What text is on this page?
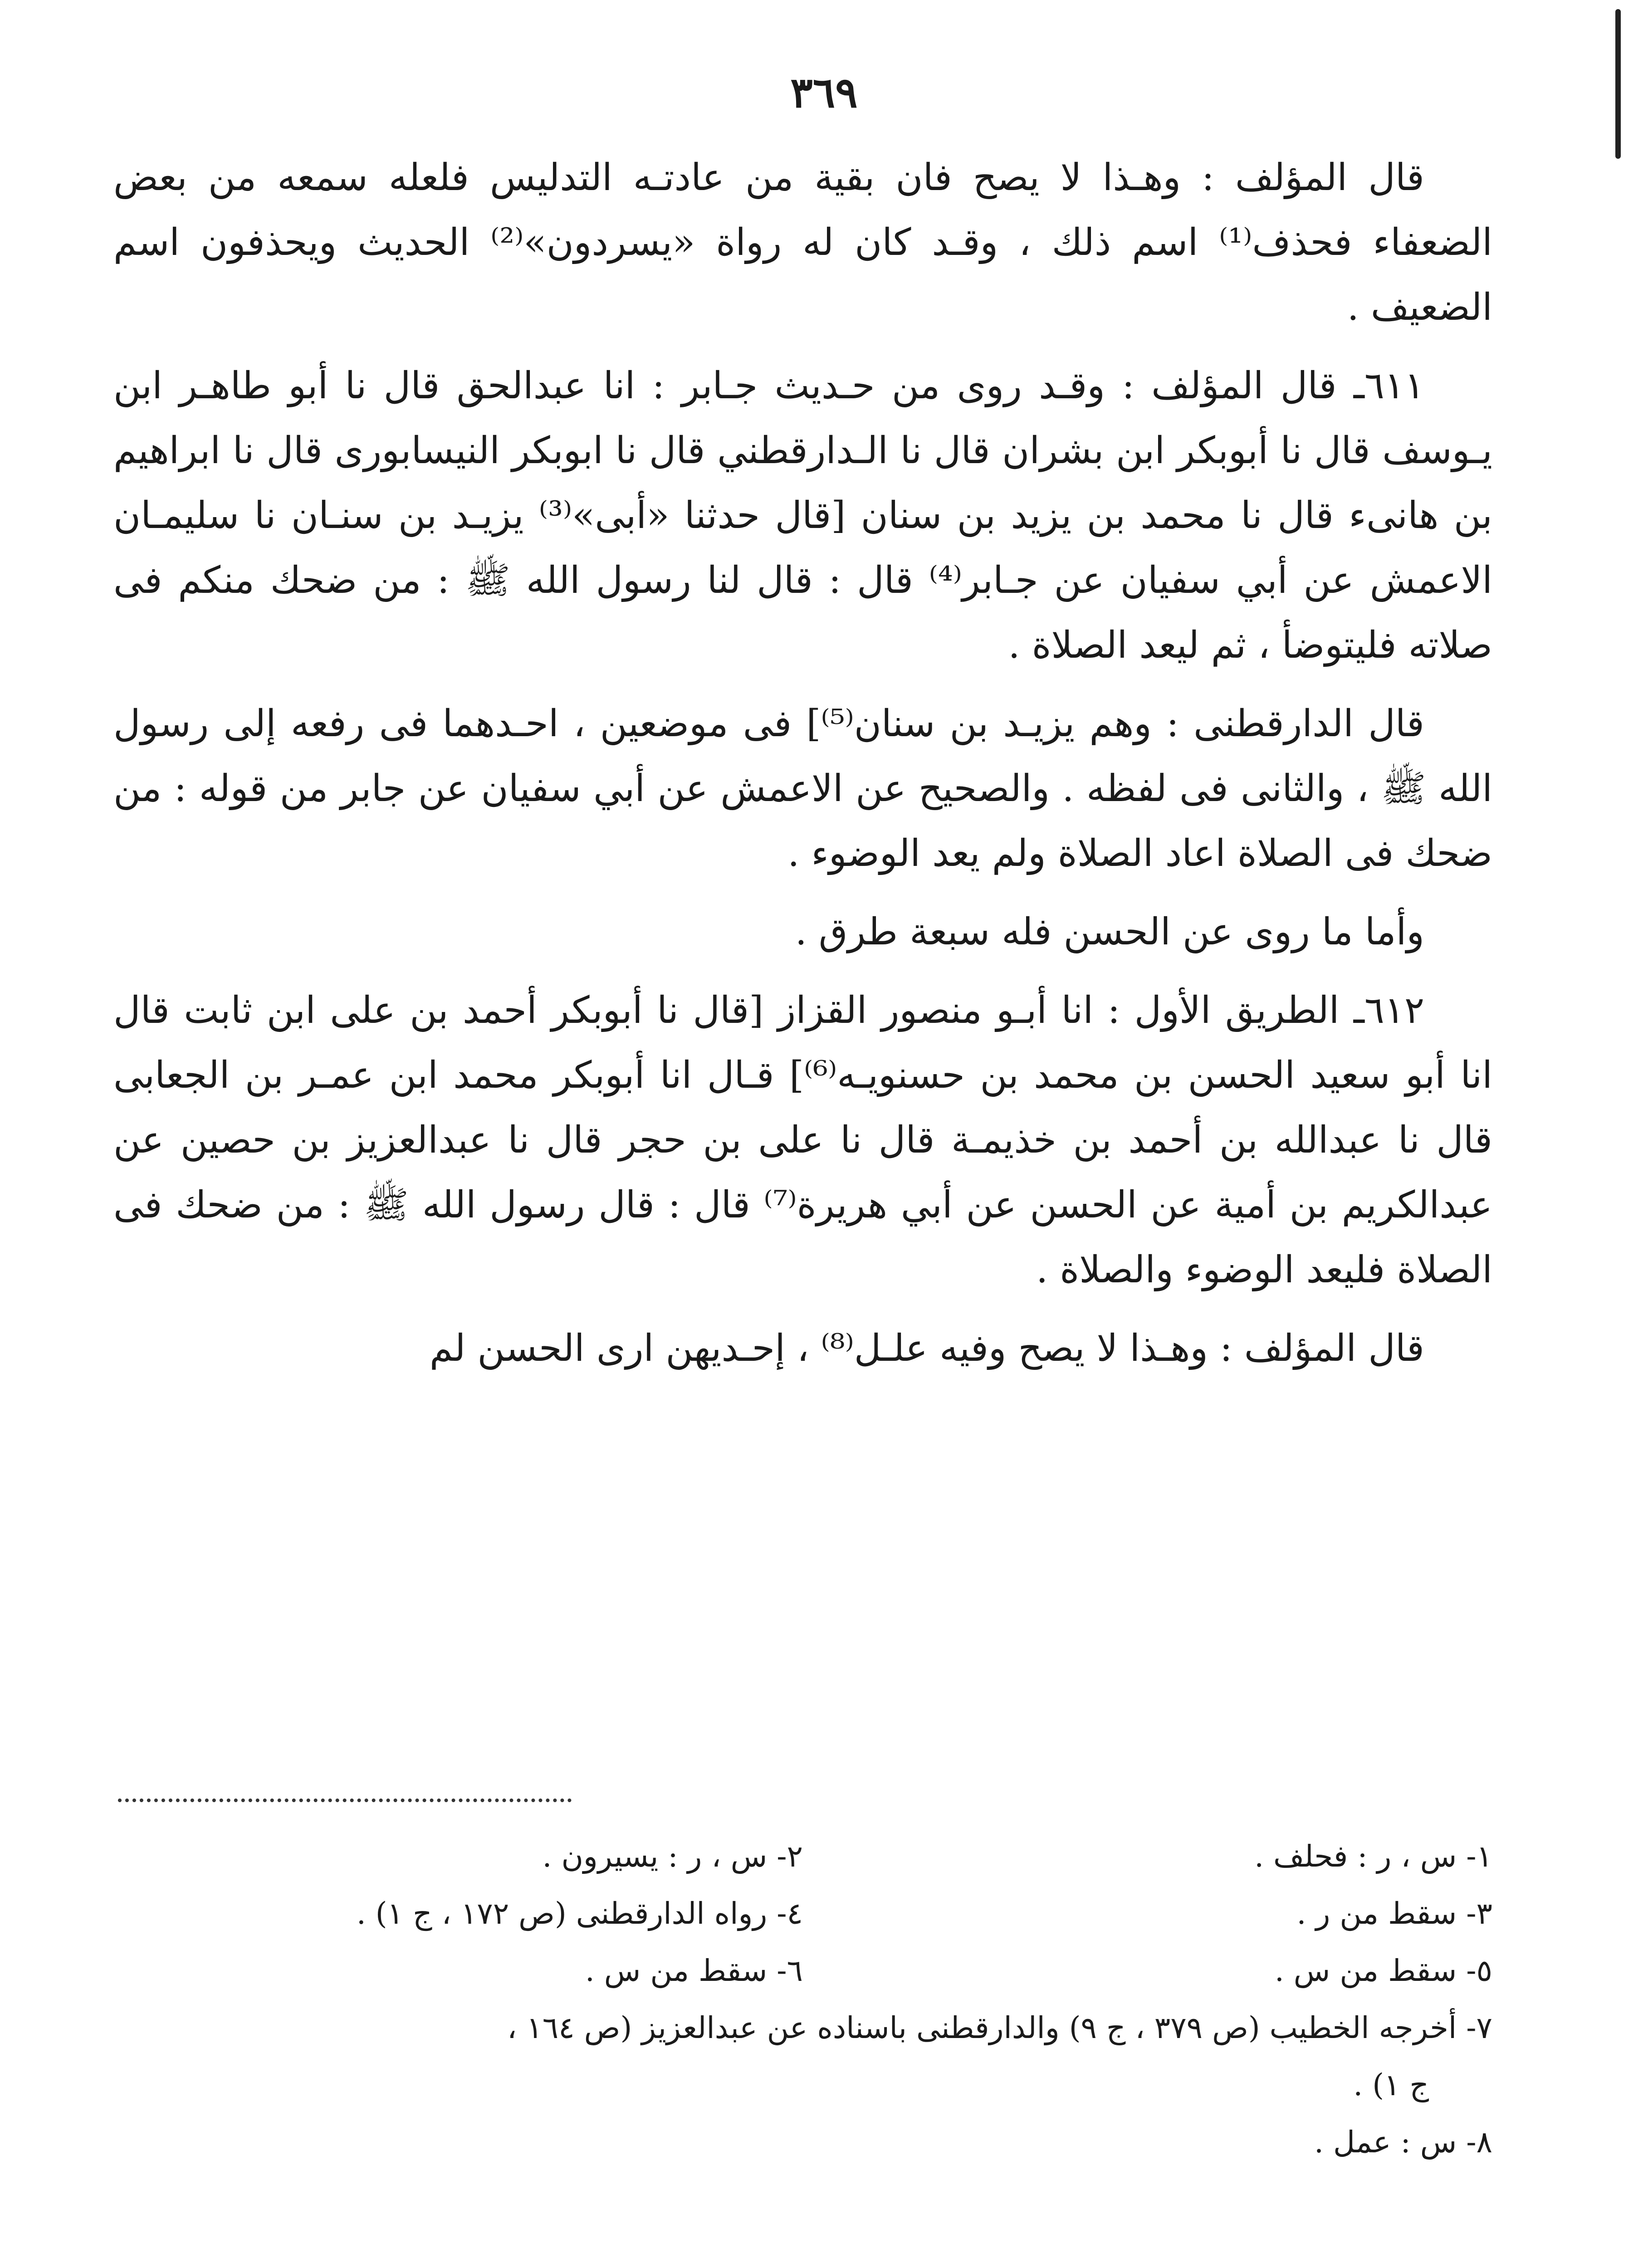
٣٦٩

قال المؤلف : وهـذا لا يصح فان بقية من عادتـه التدليس فلعله سمعه من بعض الضعفاء فحذف⁽¹⁾ اسم ذلك ، وقـد كان له رواة «يسردون»⁽²⁾ الحديث ويحذفون اسم الضعيف .

٦١١ـ قال المؤلف : وقـد روى من حـديث جـابر : انا عبدالحق قال نا أبو طاهـر ابن يـوسف قال نا أبوبكر ابن بشران قال نا الـدارقطني قال نا ابوبكر النيسابورى قال نا ابراهيم بن هانىء قال نا محمد بن يزيد بن سنان [قال حدثنا «أبى»⁽³⁾ يزيـد بن سنـان نا سليمـان الاعمش عن أبي سفيان عن جـابر⁽⁴⁾ قال : قال لنا رسول الله ﷺ : من ضحك منكم فى صلاته فليتوضأ ، ثم ليعد الصلاة .

قال الدارقطنى : وهم يزيـد بن سنان⁽⁵⁾] فى موضعين ، احـدهما فى رفعه إلى رسول الله ﷺ ، والثانى فى لفظه . والصحيح عن الاعمش عن أبي سفيان عن جابر من قوله : من ضحك فى الصلاة اعاد الصلاة ولم يعد الوضوء .

وأما ما روى عن الحسن فله سبعة طرق .

٦١٢ـ الطريق الأول : انا أبـو منصور القزاز [قال نا أبوبكر أحمد بن على ابن ثابت قال انا أبو سعيد الحسن بن محمد بن حسنويـه⁽⁶⁾] قـال انا أبوبكر محمد ابن عمـر بن الجعابى قال نا عبدالله بن أحمد بن خذيمـة قال نا على بن حجر قال نا عبدالعزيز بن حصين عن عبدالكريم بن أمية عن الحسن عن أبي هريرة⁽⁷⁾ قال : قال رسول الله ﷺ : من ضحك فى الصلاة فليعد الوضوء والصلاة .

قال المؤلف : وهـذا لا يصح وفيه علـل⁽⁸⁾ ، إحـديهن ارى الحسن لم

١- س ، ر : فحلف .
٢- س ، ر : يسيرون .
٣- سقط من ر .
٤- رواه الدارقطنى (ص ١٧٢ ، ج ١) .
٥- سقط من س .
٦- سقط من س .
٧- أخرجه الخطيب (ص ٣٧٩ ، ج ٩) والدارقطنى باسناده عن عبدالعزيز (ص ١٦٤ ،
ج ١) .
٨- س : عمل .
